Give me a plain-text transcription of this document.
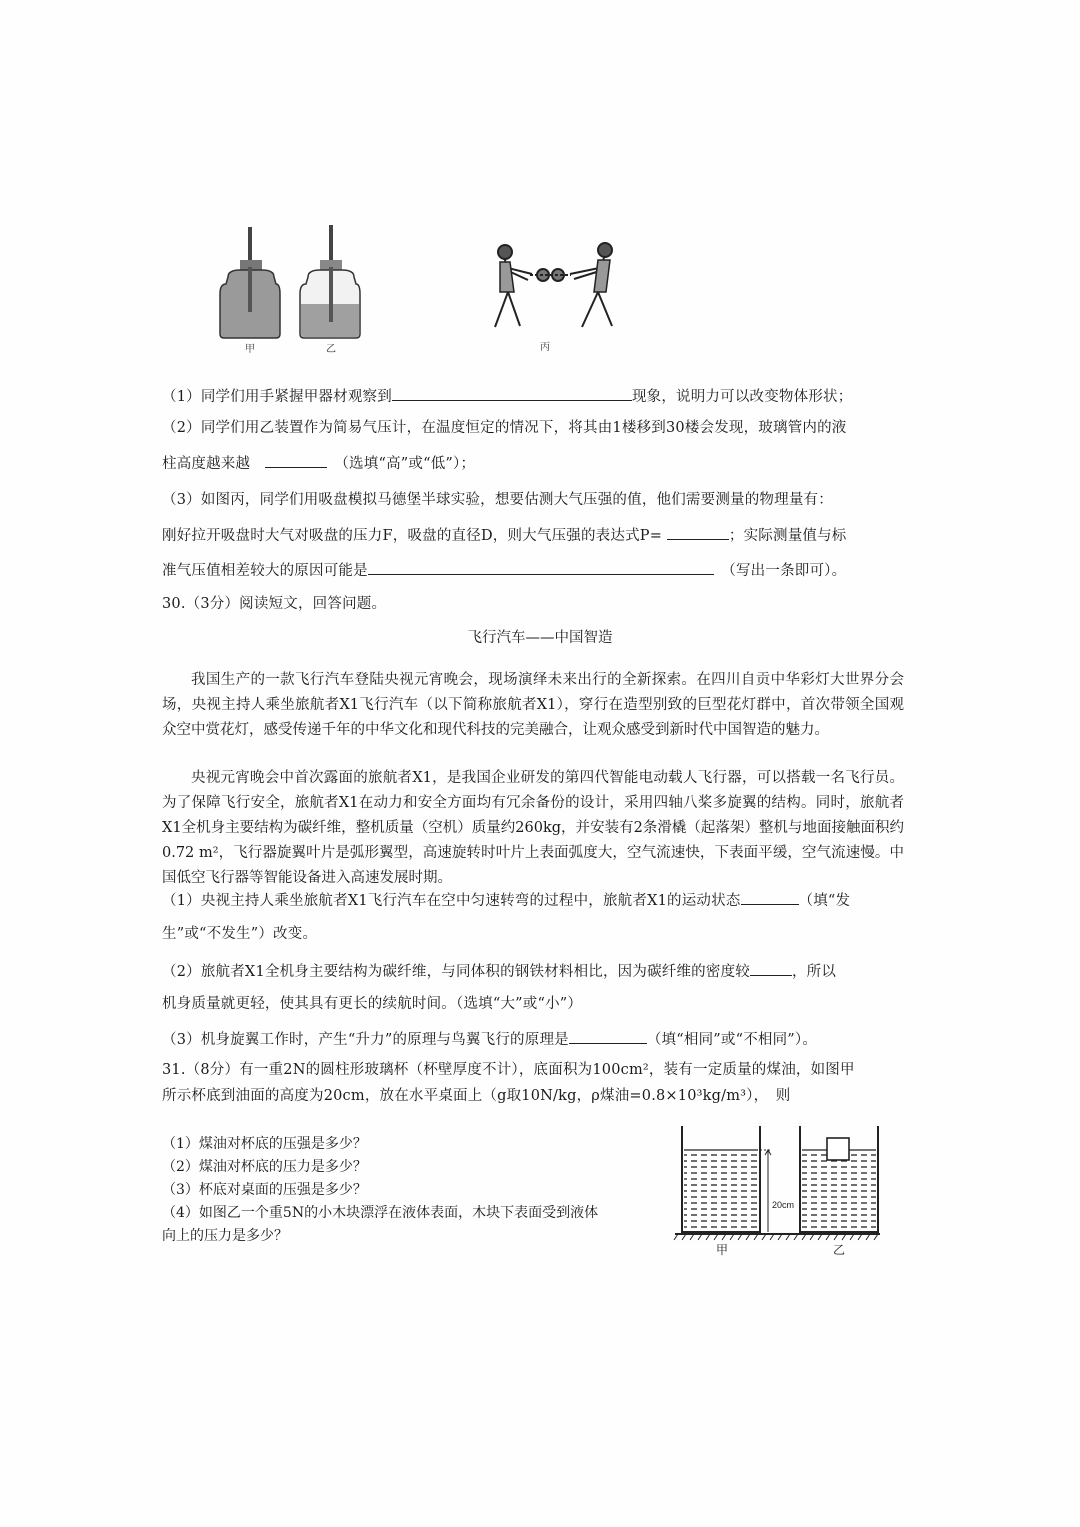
甲	乙	丙
（1）同学们用手紧握甲器材观察到	现象，说明力可以改变物体形状；
（2）同学们用乙装置作为简易气压计，在温度恒定的情况下，将其由1楼移到30楼会发现，玻璃管内的液
柱高度越来越　　	（选填“高”或“低”）；
（3）如图丙，同学们用吸盘模拟马德堡半球实验，想要估测大气压强的值，他们需要测量的物理量有：
刚好拉开吸盘时大气对吸盘的压力F，吸盘的直径D，则大气压强的表达式P=	；实际测量值与标
准气压值相差较大的原因可能是　	（写出一条即可）。
30.（3分）阅读短文，回答问题。
飞行汽车——中国智造
我国生产的一款飞行汽车登陆央视元宵晚会，现场演绎未来出行的全新探索。在四川自贡中华彩灯大世界分会场，央视主持人乘坐旅航者X1飞行汽车（以下简称旅航者X1），穿行在造型别致的巨型花灯群中，首次带领全国观众空中赏花灯，感受传递千年的中华文化和现代科技的完美融合，让观众感受到新时代中国智造的魅力。
央视元宵晚会中首次露面的旅航者X1，是我国企业研发的第四代智能电动载人飞行器，可以搭载一名飞行员。为了保障飞行安全，旅航者X1在动力和安全方面均有冗余备份的设计，采用四轴八桨多旋翼的结构。同时，旅航者X1全机身主要结构为碳纤维，整机质量（空机）质量约260kg，并安装有2条滑橇（起落架）整机与地面接触面积约0.72 m²，飞行器旋翼叶片是弧形翼型，高速旋转时叶片上表面弧度大，空气流速快，下表面平缓，空气流速慢。中国低空飞行器等智能设备进入高速发展时期。
（1）央视主持人乘坐旅航者X1飞行汽车在空中匀速转弯的过程中，旅航者X1的运动状态	（填“发
生”或“不发生”）改变。
（2）旅航者X1全机身主要结构为碳纤维，与同体积的钢铁材料相比，因为碳纤维的密度较	，所以
机身质量就更轻，使其具有更长的续航时间。（选填“大”或“小”）
（3）机身旋翼工作时，产生“升力”的原理与鸟翼飞行的原理是	（填“相同”或“不相同”）。
31.（8分）有一重2N的圆柱形玻璃杯（杯壁厚度不计），底面积为100cm²，装有一定质量的煤油，如图甲
所示杯底到油面的高度为20cm，放在水平桌面上（g取10N/kg，ρ煤油=0.8×10³kg/m³），　则
（1）煤油对杯底的压强是多少？
（2）煤油对杯底的压力是多少？
（3）杯底对桌面的压强是多少？
（4）如图乙一个重5N的小木块漂浮在液体表面，木块下表面受到液体
向上的压力是多少？
20cm
甲	乙
